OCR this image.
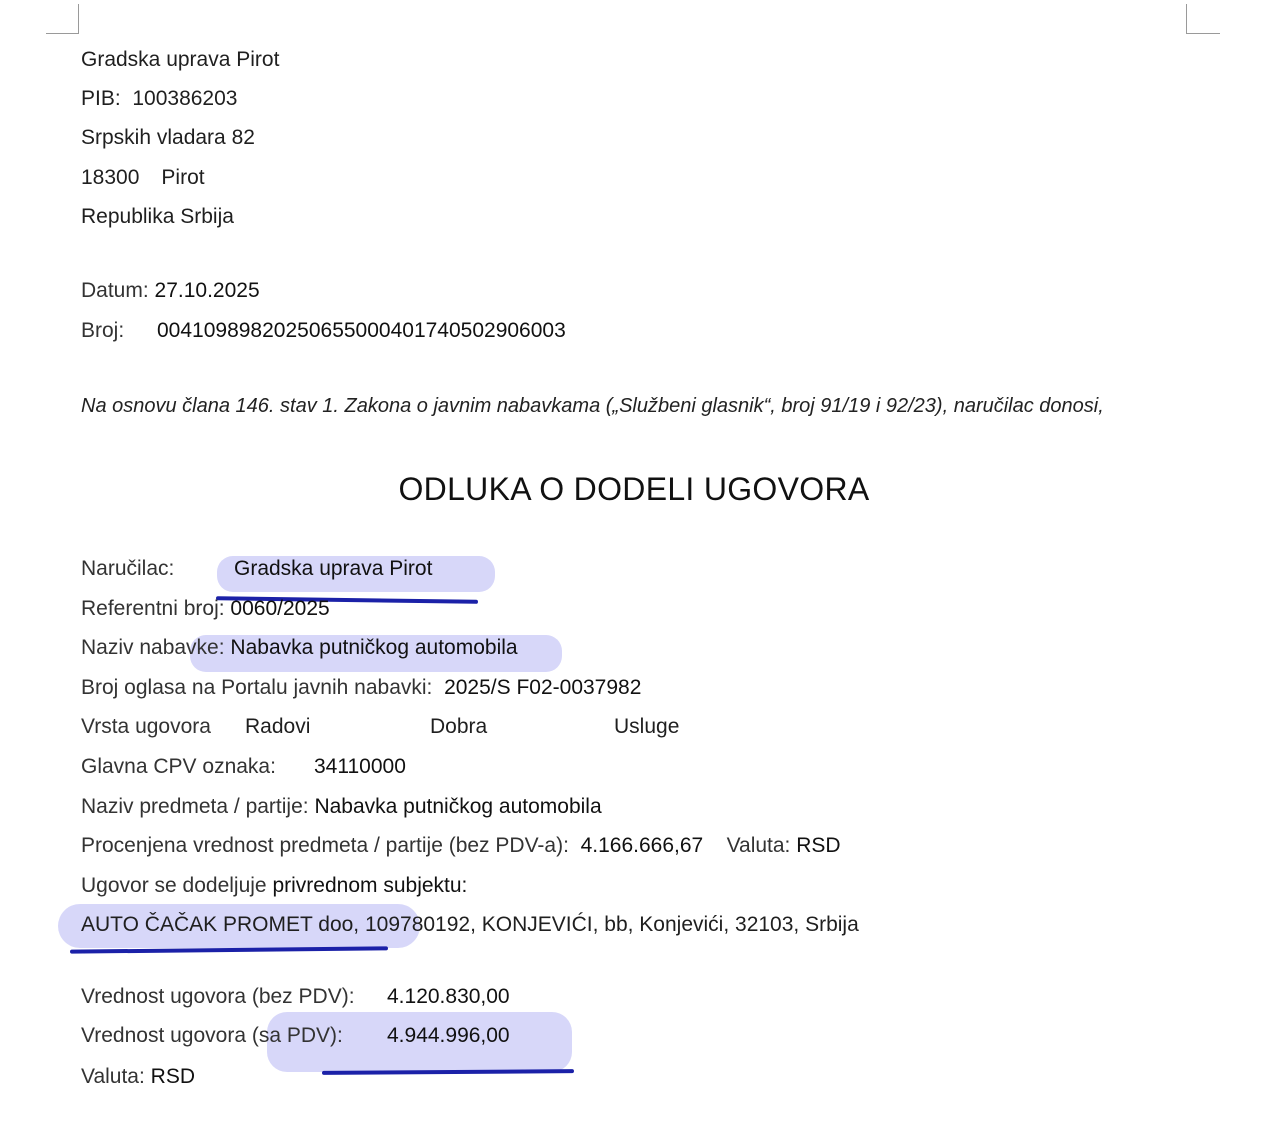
Gradska uprava Pirot
PIB: 100386203
Srpskih vladara 82
18300 Pirot
Republika Srbija
Datum: 27.10.2025
Broj: 00410989820250655000401740502906003
Na osnovu člana 146. stav 1. Zakona o javnim nabavkama („Službeni glasnik“, broj 91/19 i 92/23), naručilac donosi,
ODLUKA O DODELI UGOVORA
Naručilac:	Gradska uprava Pirot
Referentni broj: 0060/2025
Naziv nabavke: Nabavka putničkog automobila
Broj oglasa na Portalu javnih nabavki: 2025/S F02-0037982
Vrsta ugovora Radovi	Dobra	Usluge
Glavna CPV oznaka: 34110000
Naziv predmeta / partije: Nabavka putničkog automobila
Procenjena vrednost predmeta / partije (bez PDV-a): 4.166.666,67 Valuta: RSD
Ugovor se dodeljuje privrednom subjektu:
AUTO ČAČAK PROMET doo, 109780192, KONJEVIĆI, bb, Konjevići, 32103, Srbija
Vrednost ugovora (bez PDV): 4.120.830,00
Vrednost ugovora (sa PDV): 4.944.996,00
Valuta: RSD
